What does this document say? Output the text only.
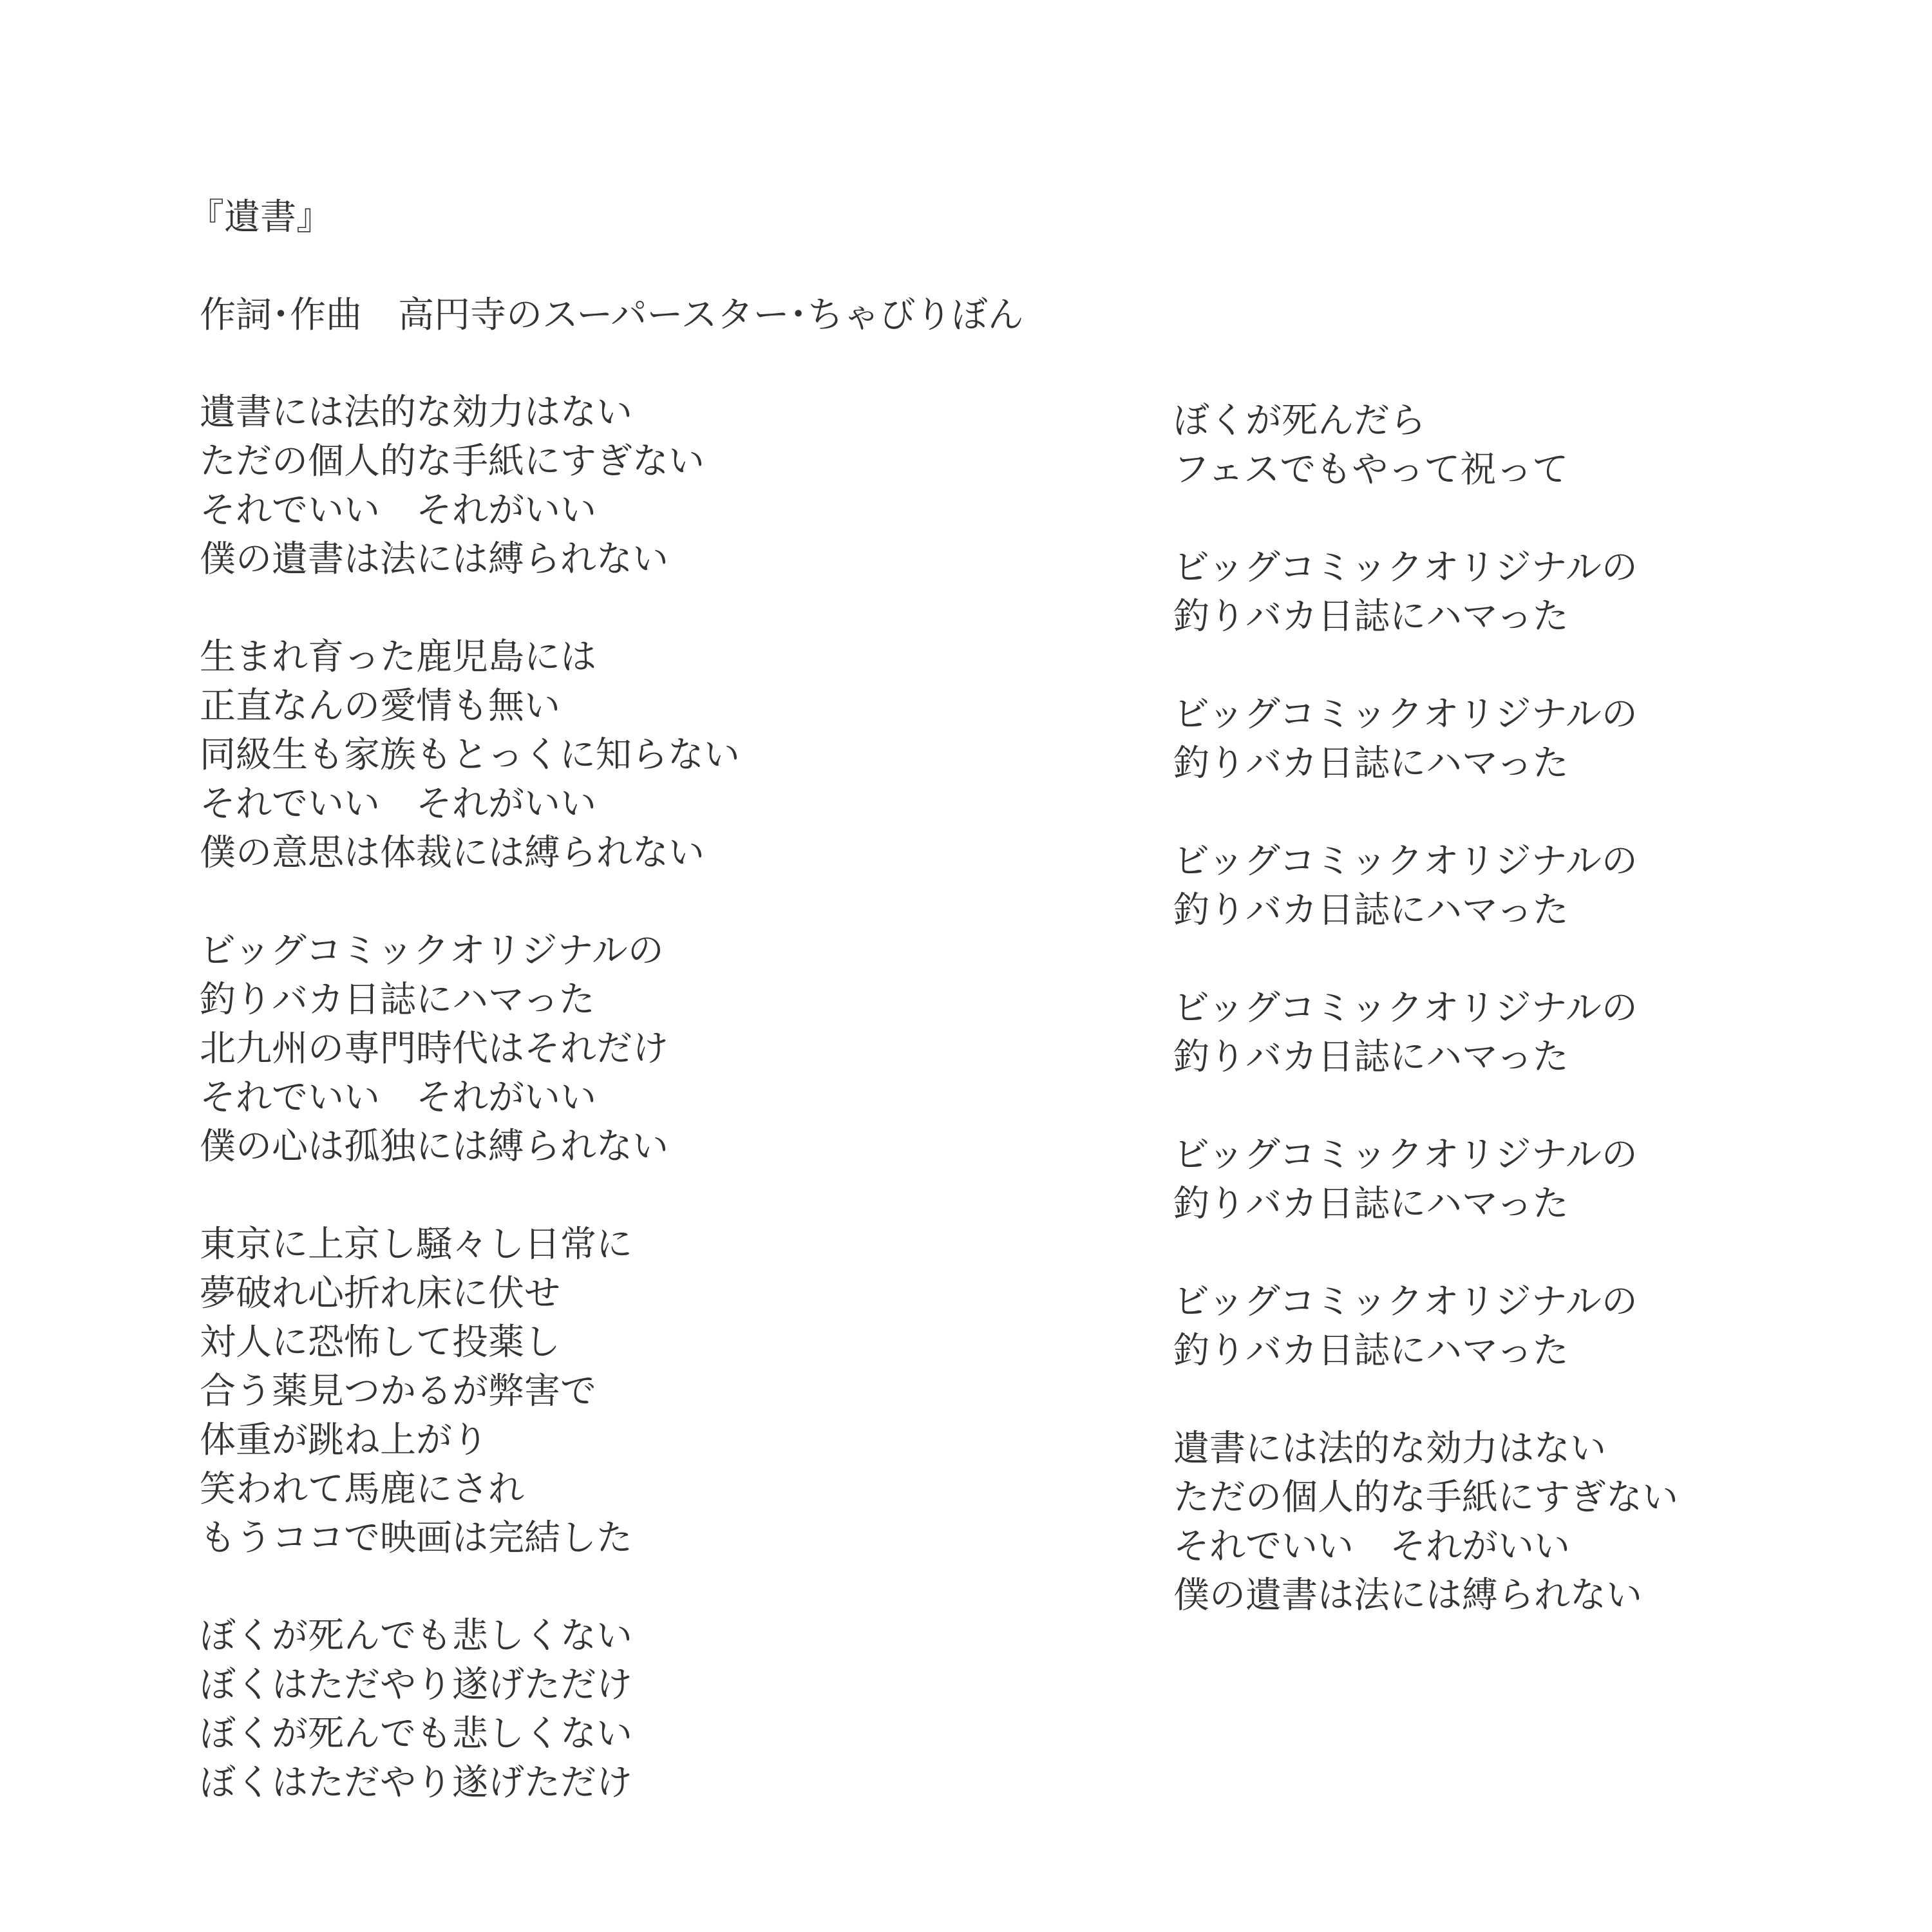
『遺書』
作詞･作曲　高円寺のスーパースター･ちゃびりぼん
遺書には法的な効力はない
ただの個人的な手紙にすぎない
それでいい　それがいい
僕の遺書は法には縛られない
生まれ育った鹿児島には
正直なんの愛情も無い
同級生も家族もとっくに知らない
それでいい　それがいい
僕の意思は体裁には縛られない
ビッグコミックオリジナルの
釣りバカ日誌にハマった
北九州の専門時代はそれだけ
それでいい　それがいい
僕の心は孤独には縛られない
東京に上京し騒々し日常に
夢破れ心折れ床に伏せ
対人に恐怖して投薬し
合う薬見つかるが弊害で
体重が跳ね上がり
笑われて馬鹿にされ
もうココで映画は完結した
ぼくが死んでも悲しくない
ぼくはただやり遂げただけ
ぼくが死んでも悲しくない
ぼくはただやり遂げただけ
ぼくが死んだら
フェスでもやって祝って
ビッグコミックオリジナルの
釣りバカ日誌にハマった
ビッグコミックオリジナルの
釣りバカ日誌にハマった
ビッグコミックオリジナルの
釣りバカ日誌にハマった
ビッグコミックオリジナルの
釣りバカ日誌にハマった
ビッグコミックオリジナルの
釣りバカ日誌にハマった
ビッグコミックオリジナルの
釣りバカ日誌にハマった
遺書には法的な効力はない
ただの個人的な手紙にすぎない
それでいい　それがいい
僕の遺書は法には縛られない
